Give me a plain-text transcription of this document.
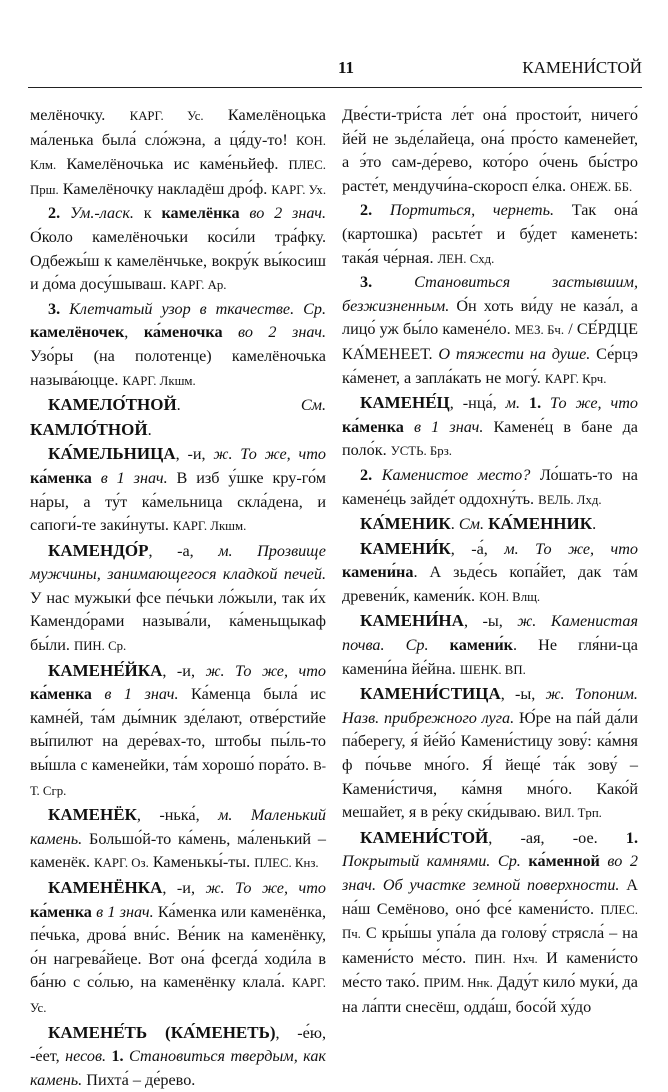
11	КАМЕНИ́СТОЙ

мелёночку. КАРГ. Ус. Камелёноцька ма́ленька была́ сло́жэна, а ця́ду-то! КОН. Клм. Камелёночька ис каме́ньйеф. ПЛЕС. Пpш. Камелёночку накладёш дро́ф. КАРГ. Ух.

2. Ум.-ласк. к камелёнка во 2 знач. О́коло камелёночьки коси́ли тра́фку. Одбежы́ш к камелёнчьке, вокру́к вы́косиш и до́ма досу́шываш. КАРГ. Ар.

3. Клетчатый узор в ткачестве. Ср. камелёночек, ка́меночка во 2 знач. Узо́ры (на полотенце) камелёночька называ́юцце. КАРГ. Лкшм.

КАМЕЛО́ТНОЙ. См. КАМЛО́ТНОЙ.

КА́МЕЛЬНИЦА, -и, ж. То же, что ка́менка в 1 знач. В изб у́шке кру-го́м на́ры, а ту́т ка́мельница скла́дена, и сапоги́-те заки́нуты. КАРГ. Лкшм.

КАМЕНДО́Р, -а, м. Прозвище мужчины, занимающегося кладкой печей. У нас мужыки́ фсе пе́чьки ло́жыли, так и́х Камендо́рами называ́ли, ка́меньщыкаф бы́ли. ПИН. Ср.

КАМЕНЕ́ЙКА, -и, ж. То же, что ка́менка в 1 знач. Ка́менца была́ ис камне́й, та́м ды́мник зде́лают, отве́рстийе вы́пилют на дере́вах-то, штобы пы́ль-то вы́шла с каменейки, та́м хорошо́ пора́то. В-Т. Сгр.

КАМЕНЁК, -нька́, м. Маленький камень. Большо́й-то ка́мень, ма́ленький – каменёк. КАРГ. Оз. Каменькы́-ты. ПЛЕС. Кнз.

КАМЕНЁНКА, -и, ж. То же, что ка́менка в 1 знач. Ка́менка или каменёнка, пе́чька, дрова́ вни́с. Ве́ник на каменёнку, о́н нагрева́йеце. Вот она́ фсегда́ ходи́ла в ба́ню с со́лью, на каменёнку клала́. КАРГ. Ус.

КАМЕНЕ́ТЬ (КА́МЕНЕТЬ), -е́ю, -е́ет, несов. 1. Становиться твердым, как камень. Пихта́ – де́рево.

Две́сти-три́ста ле́т она́ простои́т, ничего́ йе́й не зьде́лайеца, она́ про́сто каменейет, а э́то сам-де́рево, кото́ро о́чень бы́стро расте́т, мендучи́на-скоросп е́лка. ОНЕЖ. ББ.

2. Портиться, чернеть. Так она́ (картошка) расьте́т и бу́дет каменеть: така́я че́рная. ЛЕН. Схд.

3.	Становиться застывшим, безжизненным. О́н хоть ви́ду не каза́л, а лицо́ уж бы́ло камене́ло. МЕЗ. Бч. / СЕ́РДЦЕ КА́МЕНЕЕТ. О тяжести на душе. Се́рцэ ка́менет, а запла́кать не могу́. КАРГ. Крч.

КАМЕНЕ́Ц, -нца́, м. 1. То же, что ка́менка в 1 знач. Камене́ц в бане да поло́к. УСТЬ. Брз.

2. Каменистое место? Ло́шать-то на камене́ць зайде́т оддохну́ть. ВЕЛЬ. Лхд.

КА́МЕНИК. См. КА́МЕННИК.

КАМЕНИ́К, -а́, м. То же, что камени́на. А зьде́сь копа́йет, дак та́м древени́к, камени́к. КОН. Влщ.

КАМЕНИ́НА, -ы, ж. Каменистая почва. Ср. камени́к. Не гля́ни-ца камени́на йе́йна. ШЕНК. ВП.

КАМЕНИ́СТИЦА, -ы, ж. Топоним. Назв. прибрежного луга. Ю́ре на па́й да́ли па́берегу, я́ йе́йо́ Камени́стицу зову́: ка́мня ф по́чьве мно́го. Я́ йеще́ та́к зову́ – Камени́стичя, ка́мня мно́го. Како́й мешайет, я в ре́ку ски́дываю. ВИЛ. Тpп.

КАМЕНИ́СТОЙ, -ая, -ое. 1. Покрытый камнями. Ср. ка́менной во 2 знач. Об участке земной поверхности. А на́ш Семёново, оно́ фсе́ камени́сто. ПЛЕС. Пч. С кры́шы упа́ла да голову́ стрясла́ – на камени́сто ме́сто. ПИН. Нхч. И камени́сто ме́сто тако́. ПРИМ. Ннк. Даду́т кило́ муки́, да на ла́пти снесёш, одда́ш, босо́й ху́до
